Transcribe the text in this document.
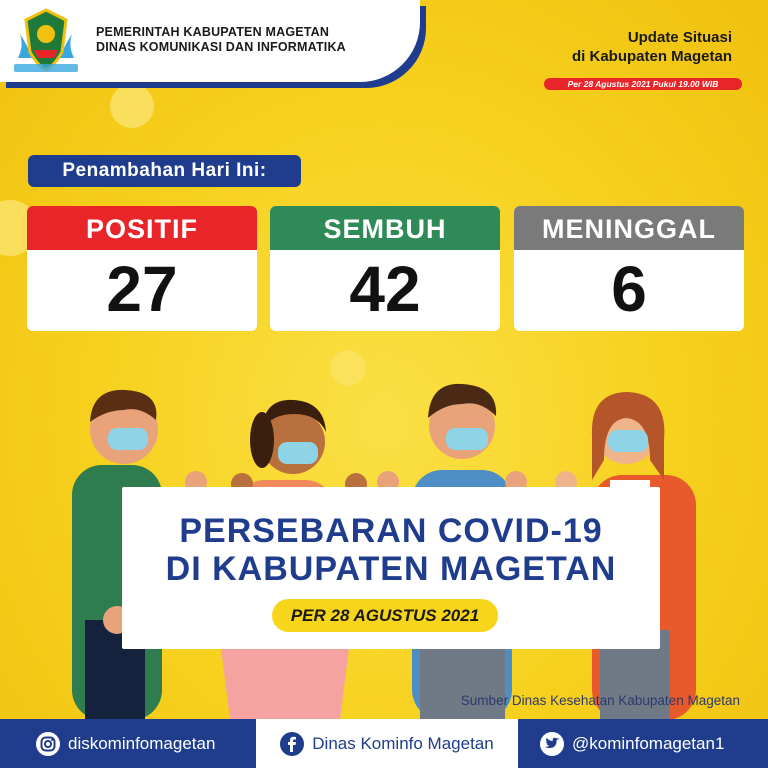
PEMERINTAH KABUPATEN MAGETAN
DINAS KOMUNIKASI DAN INFORMATIKA
Update Situasi
di Kabupaten Magetan
Per 28 Agustus 2021 Pukul 19.00 WIB
Penambahan Hari Ini:
POSITIF
27
SEMBUH
42
MENINGGAL
6
PERSEBARAN COVID-19
DI KABUPATEN MAGETAN
PER 28 AGUSTUS 2021
Sumber Dinas Kesehatan Kabupaten Magetan
diskominfomagetan	Dinas Kominfo Magetan	@kominfomagetan1
